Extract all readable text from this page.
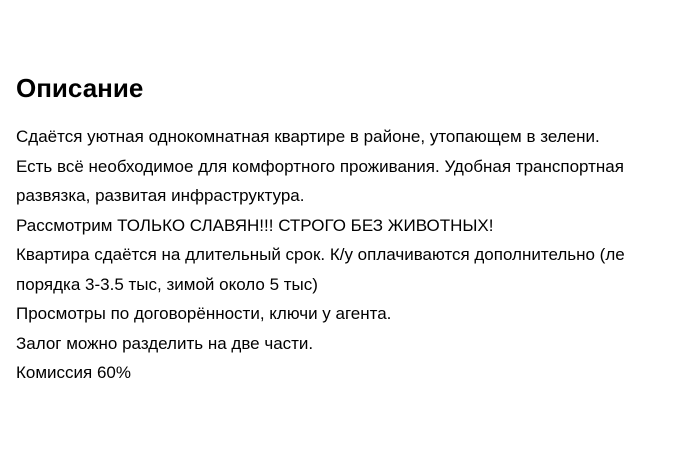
Описание
Сдаётся уютная однокомнатная квартире в районе, утопающем в зелени.
Есть всё необходимое для комфортного проживания. Удобная транспортная
развязка, развитая инфраструктура.
Рассмотрим ТОЛЬКО СЛАВЯН!!! СТРОГО БЕЗ ЖИВОТНЫХ!
Квартира сдаётся на длительный срок. К/у оплачиваются дополнительно (ле
порядка 3-3.5 тыс, зимой около 5 тыс)
Просмотры по договорённости, ключи у агента.
Залог можно разделить на две части.
Комиссия 60%
